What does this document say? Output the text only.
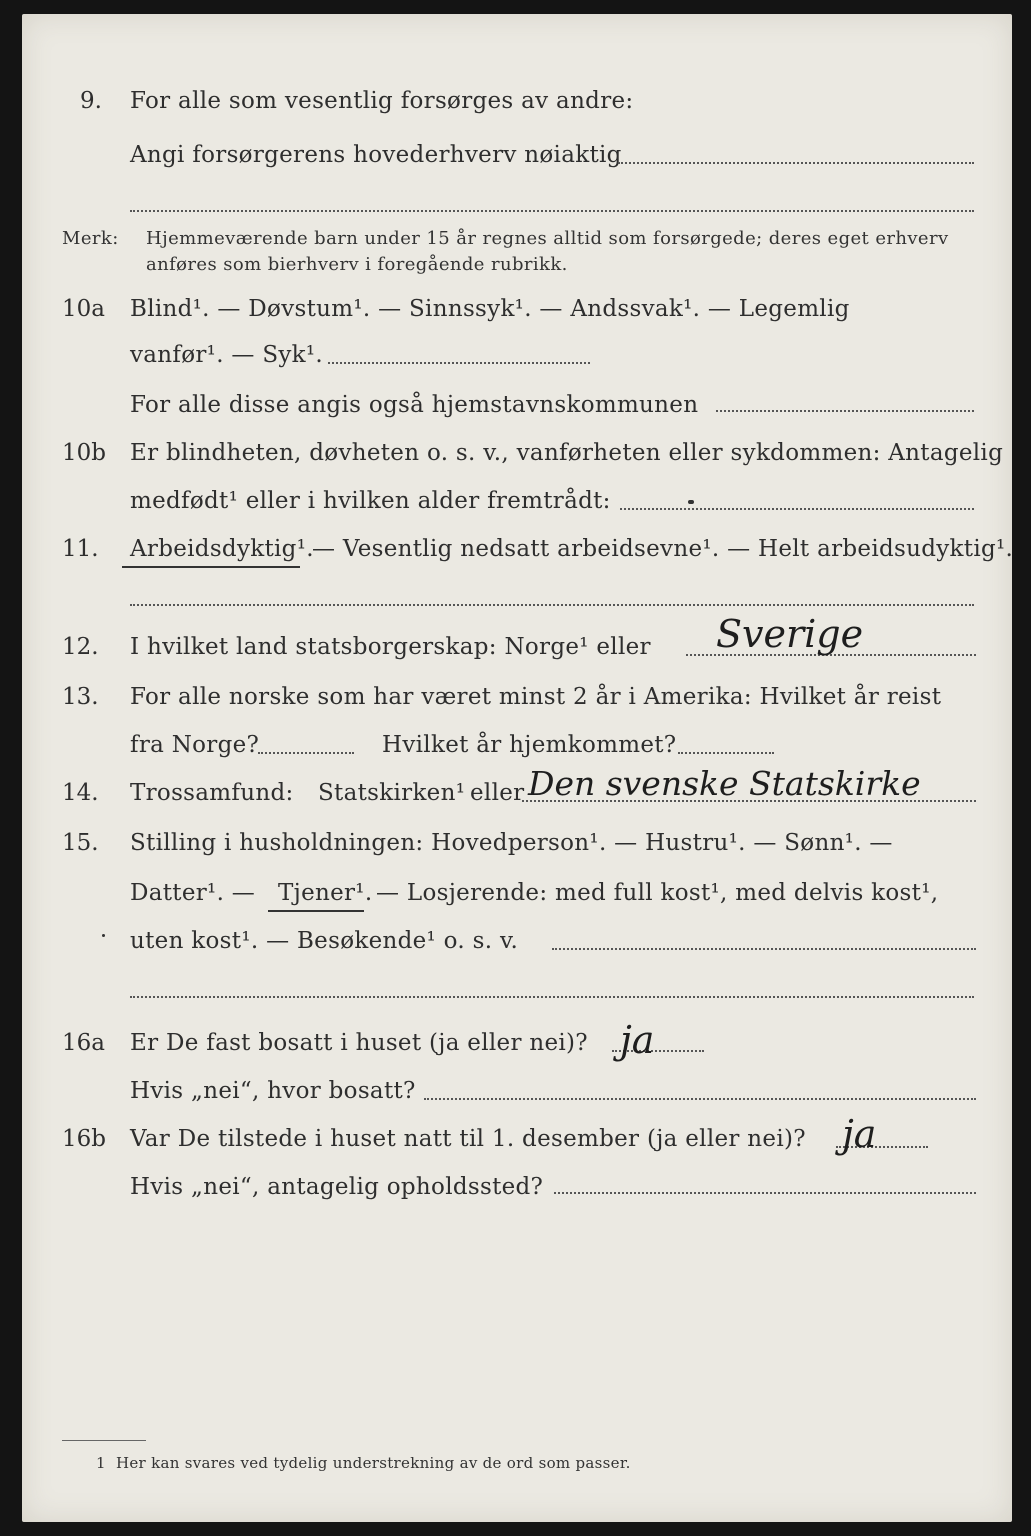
9. For alle som vesentlig forsørges av andre:
Angi forsørgerens hovederhverv nøiaktig
Merk: Hjemmeværende barn under 15 år regnes alltid som forsørgede; deres eget erhverv
anføres som bierhverv i foregående rubrikk.
10a Blind¹. — Døvstum¹. — Sinnssyk¹. — Andssvak¹. — Legemlig
vanfør¹. — Syk¹.
For alle disse angis også hjemstavnskommunen
10b Er blindheten, døvheten o. s. v., vanførheten eller sykdommen: Antagelig
medfødt¹ eller i hvilken alder fremtrådt:
11. Arbeidsdyktig¹.
— Vesentlig nedsatt arbeidsevne¹. — Helt arbeidsudyktig¹.
12. I hvilket land statsborgerskap: Norge¹ eller Sverige
13. For alle norske som har været minst 2 år i Amerika: Hvilket år reist
fra Norge?	Hvilket år hjemkommet?
14. Trossamfund: Statskirken¹ eller Den svenske Statskirke
15. Stilling i husholdningen: Hovedperson¹. — Hustru¹. — Sønn¹. —
Datter¹. — Tjener¹. — Losjerende: med full kost¹, med delvis kost¹,
uten kost¹. — Besøkende¹ o. s. v.
16a Er De fast bosatt i huset (ja eller nei)? ja
Hvis „nei“, hvor bosatt?
16b Var De tilstede i huset natt til 1. desember (ja eller nei)? ja
Hvis „nei“, antagelig opholdssted?
1 Her kan svares ved tydelig understrekning av de ord som passer.
